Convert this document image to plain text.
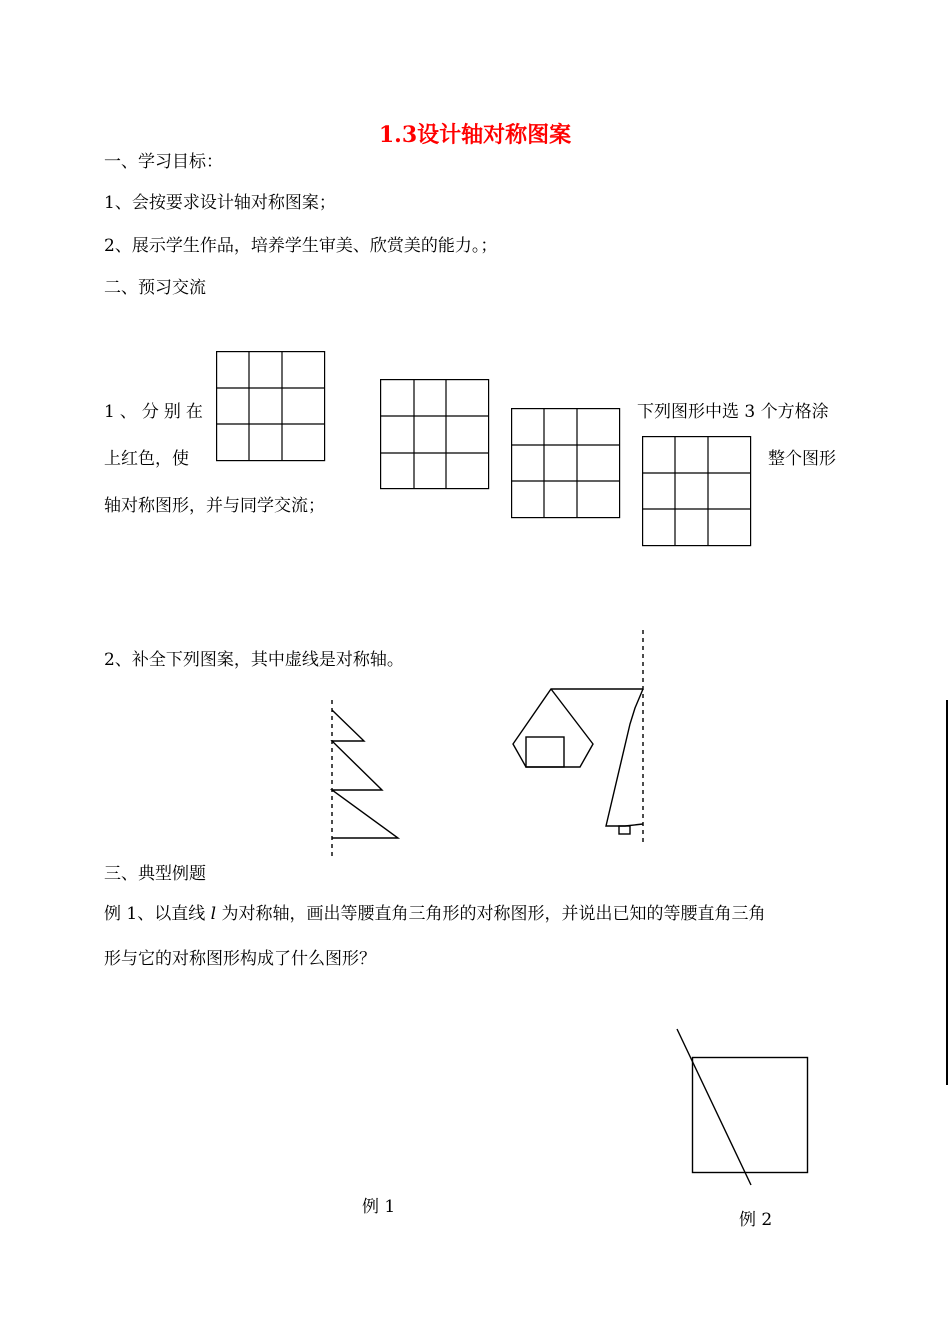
1.3设计轴对称图案
一、学习目标：
1、会按要求设计轴对称图案；
2、展示学生作品，培养学生审美、欣赏美的能力。；
二、预习交流
1、分别在	下列图形中选 3 个方格涂
上红色，使	整个图形
轴对称图形，并与同学交流；
2、补全下列图案，其中虚线是对称轴。
三、典型例题
例 1、以直线 l 为对称轴，画出等腰直角三角形的对称图形，并说出已知的等腰直角三角
形与它的对称图形构成了什么图形？
例 1
例 2
